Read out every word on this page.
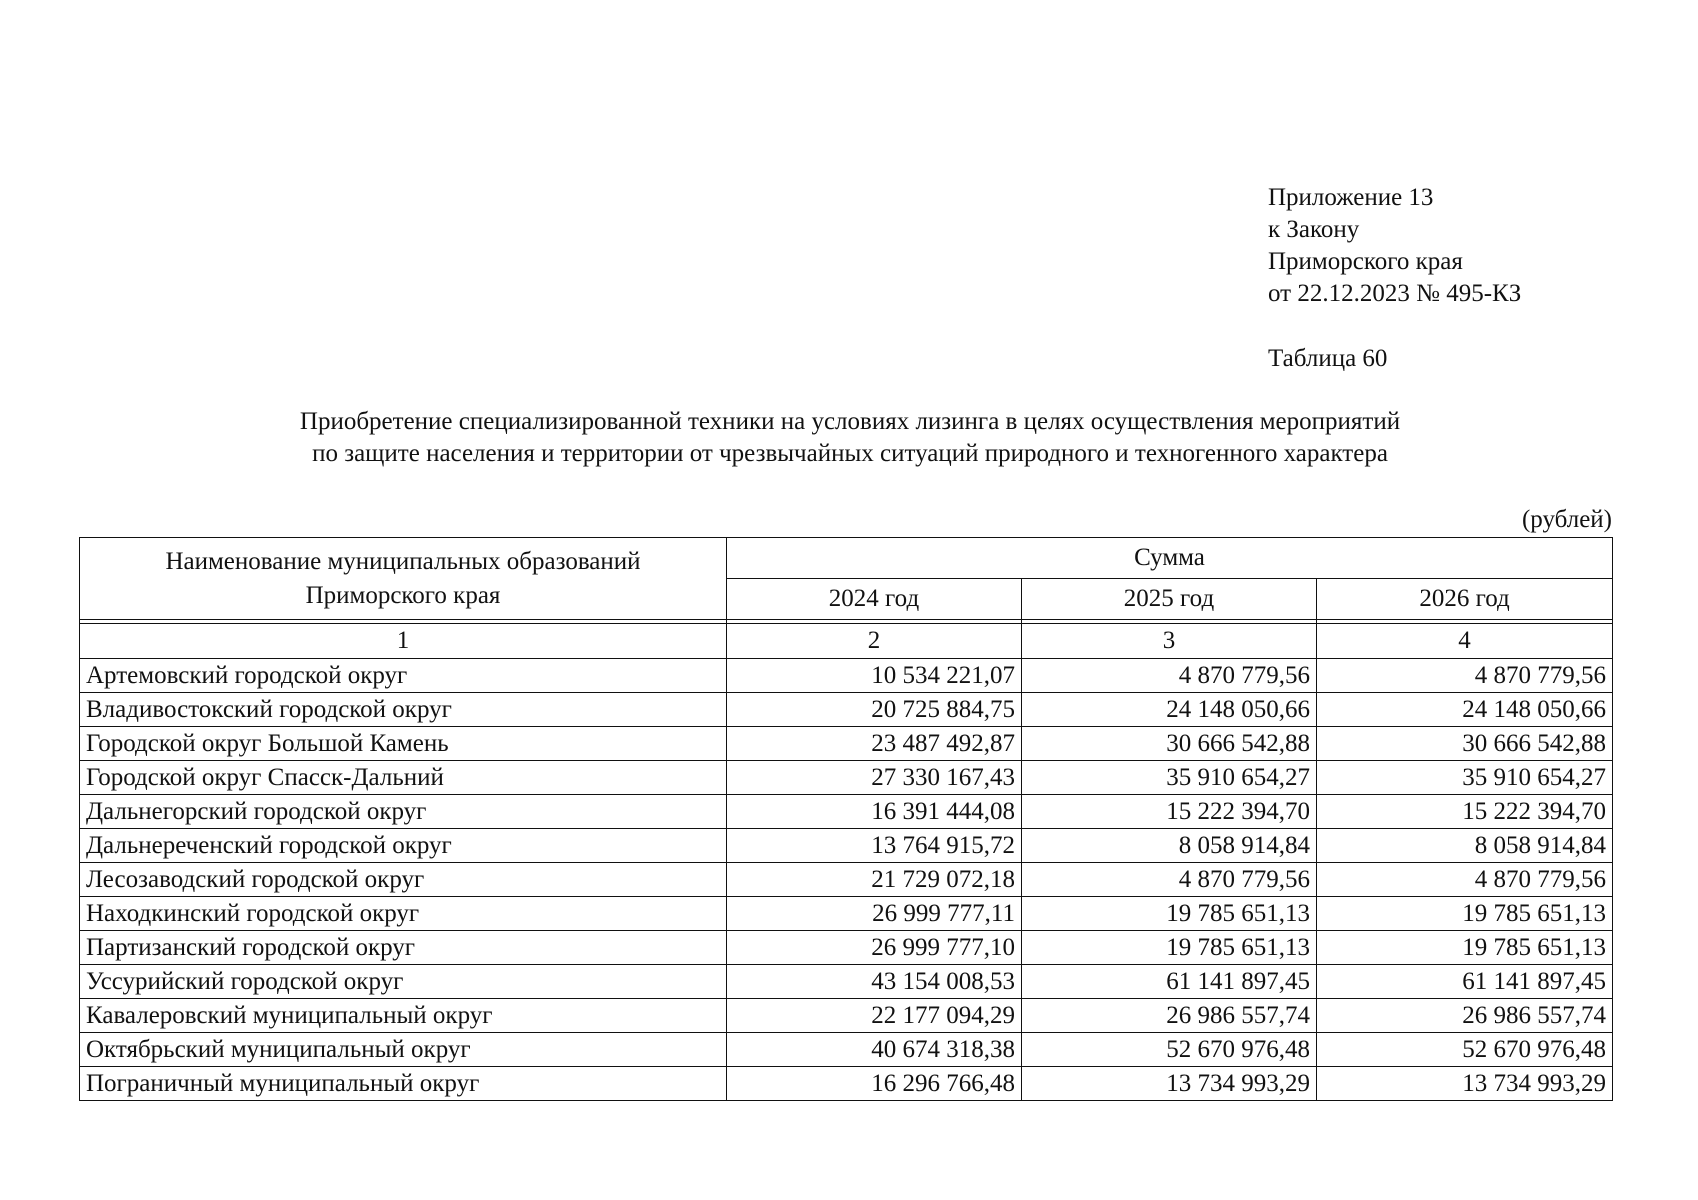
Приложение 13
к Закону
Приморского края
от 22.12.2023 № 495-КЗ
Таблица 60
Приобретение специализированной техники на условиях лизинга в целях осуществления мероприятий
по защите населения и территории от чрезвычайных ситуаций природного и техногенного характера
(рублей)
Наименование муниципальных образований
Приморского края	Сумма		
	2024 год	2025 год	2026 год

1	2	3	4
Артемовский городской округ	10 534 221,07	4 870 779,56	4 870 779,56
Владивостокский городской округ	20 725 884,75	24 148 050,66	24 148 050,66
Городской округ Большой Камень	23 487 492,87	30 666 542,88	30 666 542,88
Городской округ Спасск-Дальний	27 330 167,43	35 910 654,27	35 910 654,27
Дальнегорский городской округ	16 391 444,08	15 222 394,70	15 222 394,70
Дальнереченский городской округ	13 764 915,72	8 058 914,84	8 058 914,84
Лесозаводский городской округ	21 729 072,18	4 870 779,56	4 870 779,56
Находкинский городской округ	26 999 777,11	19 785 651,13	19 785 651,13
Партизанский городской округ	26 999 777,10	19 785 651,13	19 785 651,13
Уссурийский городской округ	43 154 008,53	61 141 897,45	61 141 897,45
Кавалеровский муниципальный округ	22 177 094,29	26 986 557,74	26 986 557,74
Октябрьский муниципальный округ	40 674 318,38	52 670 976,48	52 670 976,48
Пограничный муниципальный округ	16 296 766,48	13 734 993,29	13 734 993,29
